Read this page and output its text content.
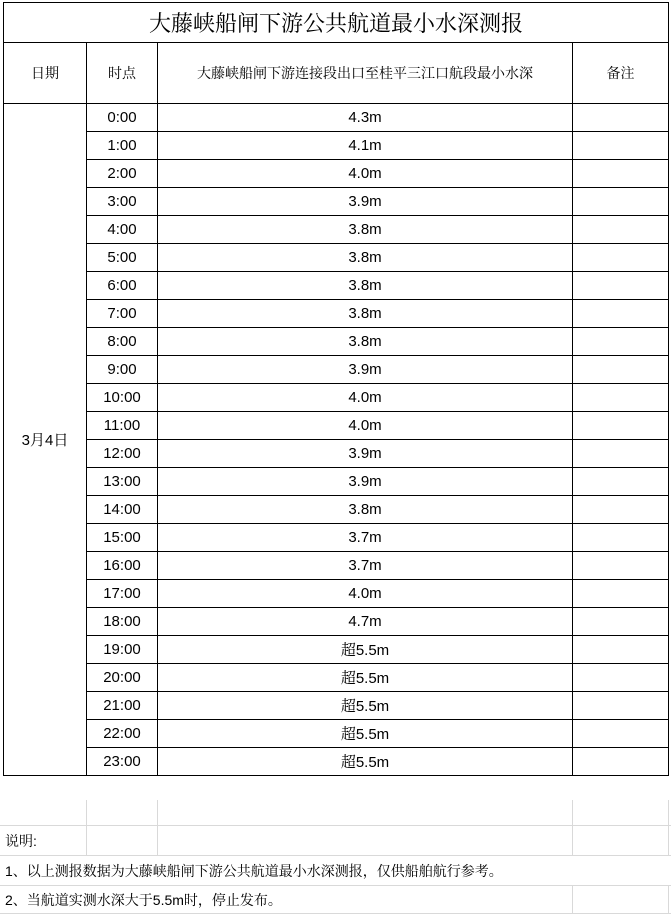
大藤峡船闸下游公共航道最小水深测报			
日期	时点	大藤峡船闸下游连接段出口至桂平三江口航段最小水深	备注
3月4日	0:00	4.3m	
	1:00	4.1m	
	2:00	4.0m	
	3:00	3.9m	
	4:00	3.8m	
	5:00	3.8m	
	6:00	3.8m	
	7:00	3.8m	
	8:00	3.8m	
	9:00	3.9m	
	10:00	4.0m	
	11:00	4.0m	
	12:00	3.9m	
	13:00	3.9m	
	14:00	3.8m	
	15:00	3.7m	
	16:00	3.7m	
	17:00	4.0m	
	18:00	4.7m	
	19:00	超5.5m	
	20:00	超5.5m	
	21:00	超5.5m	
	22:00	超5.5m	
	23:00	超5.5m	
说明:
1、以上测报数据为大藤峡船闸下游公共航道最小水深测报，仅供船舶航行参考。
2、当航道实测水深大于5.5m时，停止发布。
